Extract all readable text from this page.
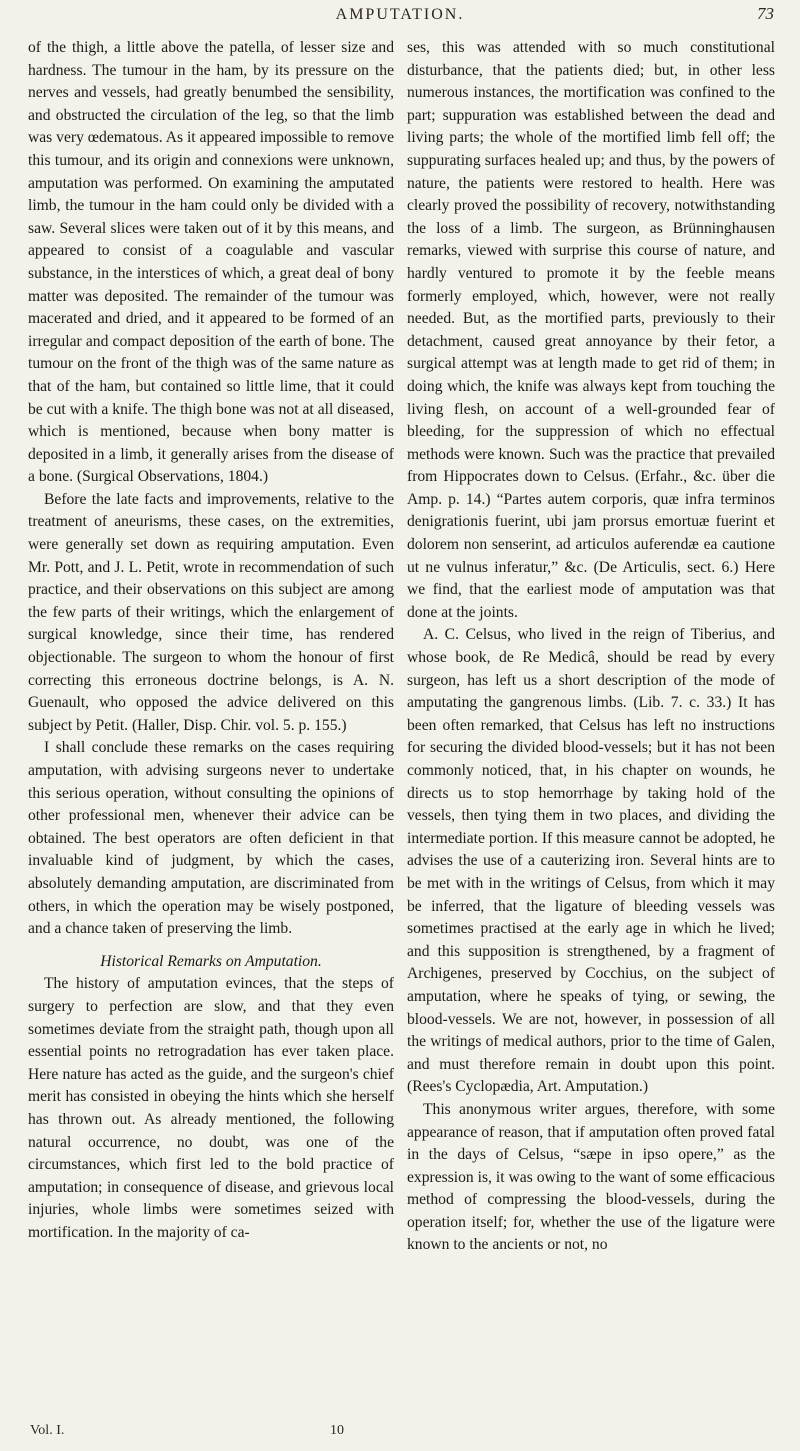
AMPUTATION.	73

of the thigh, a little above the patella, of lesser size and hardness. The tumour in the ham, by its pressure on the nerves and vessels, had greatly benumbed the sensibility, and obstructed the circulation of the leg, so that the limb was very œdematous. As it appeared impossible to remove this tumour, and its origin and connexions were unknown, amputation was performed. On examining the amputated limb, the tumour in the ham could only be divided with a saw. Several slices were taken out of it by this means, and appeared to consist of a coagulable and vascular substance, in the interstices of which, a great deal of bony matter was deposited. The remainder of the tumour was macerated and dried, and it appeared to be formed of an irregular and compact deposition of the earth of bone. The tumour on the front of the thigh was of the same nature as that of the ham, but contained so little lime, that it could be cut with a knife. The thigh bone was not at all diseased, which is mentioned, because when bony matter is deposited in a limb, it generally arises from the disease of a bone. (Surgical Observations, 1804.)

Before the late facts and improvements, relative to the treatment of aneurisms, these cases, on the extremities, were generally set down as requiring amputation. Even Mr. Pott, and J. L. Petit, wrote in recommendation of such practice, and their observations on this subject are among the few parts of their writings, which the enlargement of surgical knowledge, since their time, has rendered objectionable. The surgeon to whom the honour of first correcting this erroneous doctrine belongs, is A. N. Guenault, who opposed the advice delivered on this subject by Petit. (Haller, Disp. Chir. vol. 5. p. 155.)

I shall conclude these remarks on the cases requiring amputation, with advising surgeons never to undertake this serious operation, without consulting the opinions of other professional men, whenever their advice can be obtained. The best operators are often deficient in that invaluable kind of judgment, by which the cases, absolutely demanding amputation, are discriminated from others, in which the operation may be wisely postponed, and a chance taken of preserving the limb.

Historical Remarks on Amputation.

The history of amputation evinces, that the steps of surgery to perfection are slow, and that they even sometimes deviate from the straight path, though upon all essential points no retrogradation has ever taken place. Here nature has acted as the guide, and the surgeon's chief merit has consisted in obeying the hints which she herself has thrown out. As already mentioned, the following natural occurrence, no doubt, was one of the circumstances, which first led to the bold practice of amputation; in consequence of disease, and grievous local injuries, whole limbs were sometimes seized with mortification. In the majority of ca-

ses, this was attended with so much constitutional disturbance, that the patients died; but, in other less numerous instances, the mortification was confined to the part; suppuration was established between the dead and living parts; the whole of the mortified limb fell off; the suppurating surfaces healed up; and thus, by the powers of nature, the patients were restored to health. Here was clearly proved the possibility of recovery, notwithstanding the loss of a limb. The surgeon, as Brünninghausen remarks, viewed with surprise this course of nature, and hardly ventured to promote it by the feeble means formerly employed, which, however, were not really needed. But, as the mortified parts, previously to their detachment, caused great annoyance by their fetor, a surgical attempt was at length made to get rid of them; in doing which, the knife was always kept from touching the living flesh, on account of a well-grounded fear of bleeding, for the suppression of which no effectual methods were known. Such was the practice that prevailed from Hippocrates down to Celsus. (Erfahr., &c. über die Amp. p. 14.) “Partes autem corporis, quæ infra terminos denigrationis fuerint, ubi jam prorsus emortuæ fuerint et dolorem non senserint, ad articulos auferendæ ea cautione ut ne vulnus inferatur,” &c. (De Articulis, sect. 6.) Here we find, that the earliest mode of amputation was that done at the joints.

A. C. Celsus, who lived in the reign of Tiberius, and whose book, de Re Medicâ, should be read by every surgeon, has left us a short description of the mode of amputating the gangrenous limbs. (Lib. 7. c. 33.) It has been often remarked, that Celsus has left no instructions for securing the divided blood-vessels; but it has not been commonly noticed, that, in his chapter on wounds, he directs us to stop hemorrhage by taking hold of the vessels, then tying them in two places, and dividing the intermediate portion. If this measure cannot be adopted, he advises the use of a cauterizing iron. Several hints are to be met with in the writings of Celsus, from which it may be inferred, that the ligature of bleeding vessels was sometimes practised at the early age in which he lived; and this supposition is strengthened, by a fragment of Archigenes, preserved by Cocchius, on the subject of amputation, where he speaks of tying, or sewing, the blood-vessels. We are not, however, in possession of all the writings of medical authors, prior to the time of Galen, and must therefore remain in doubt upon this point. (Rees's Cyclopædia, Art. Amputation.)

This anonymous writer argues, therefore, with some appearance of reason, that if amputation often proved fatal in the days of Celsus, “sæpe in ipso opere,” as the expression is, it was owing to the want of some efficacious method of compressing the blood-vessels, during the operation itself; for, whether the use of the ligature were known to the ancients or not, no

Vol. I.	10
